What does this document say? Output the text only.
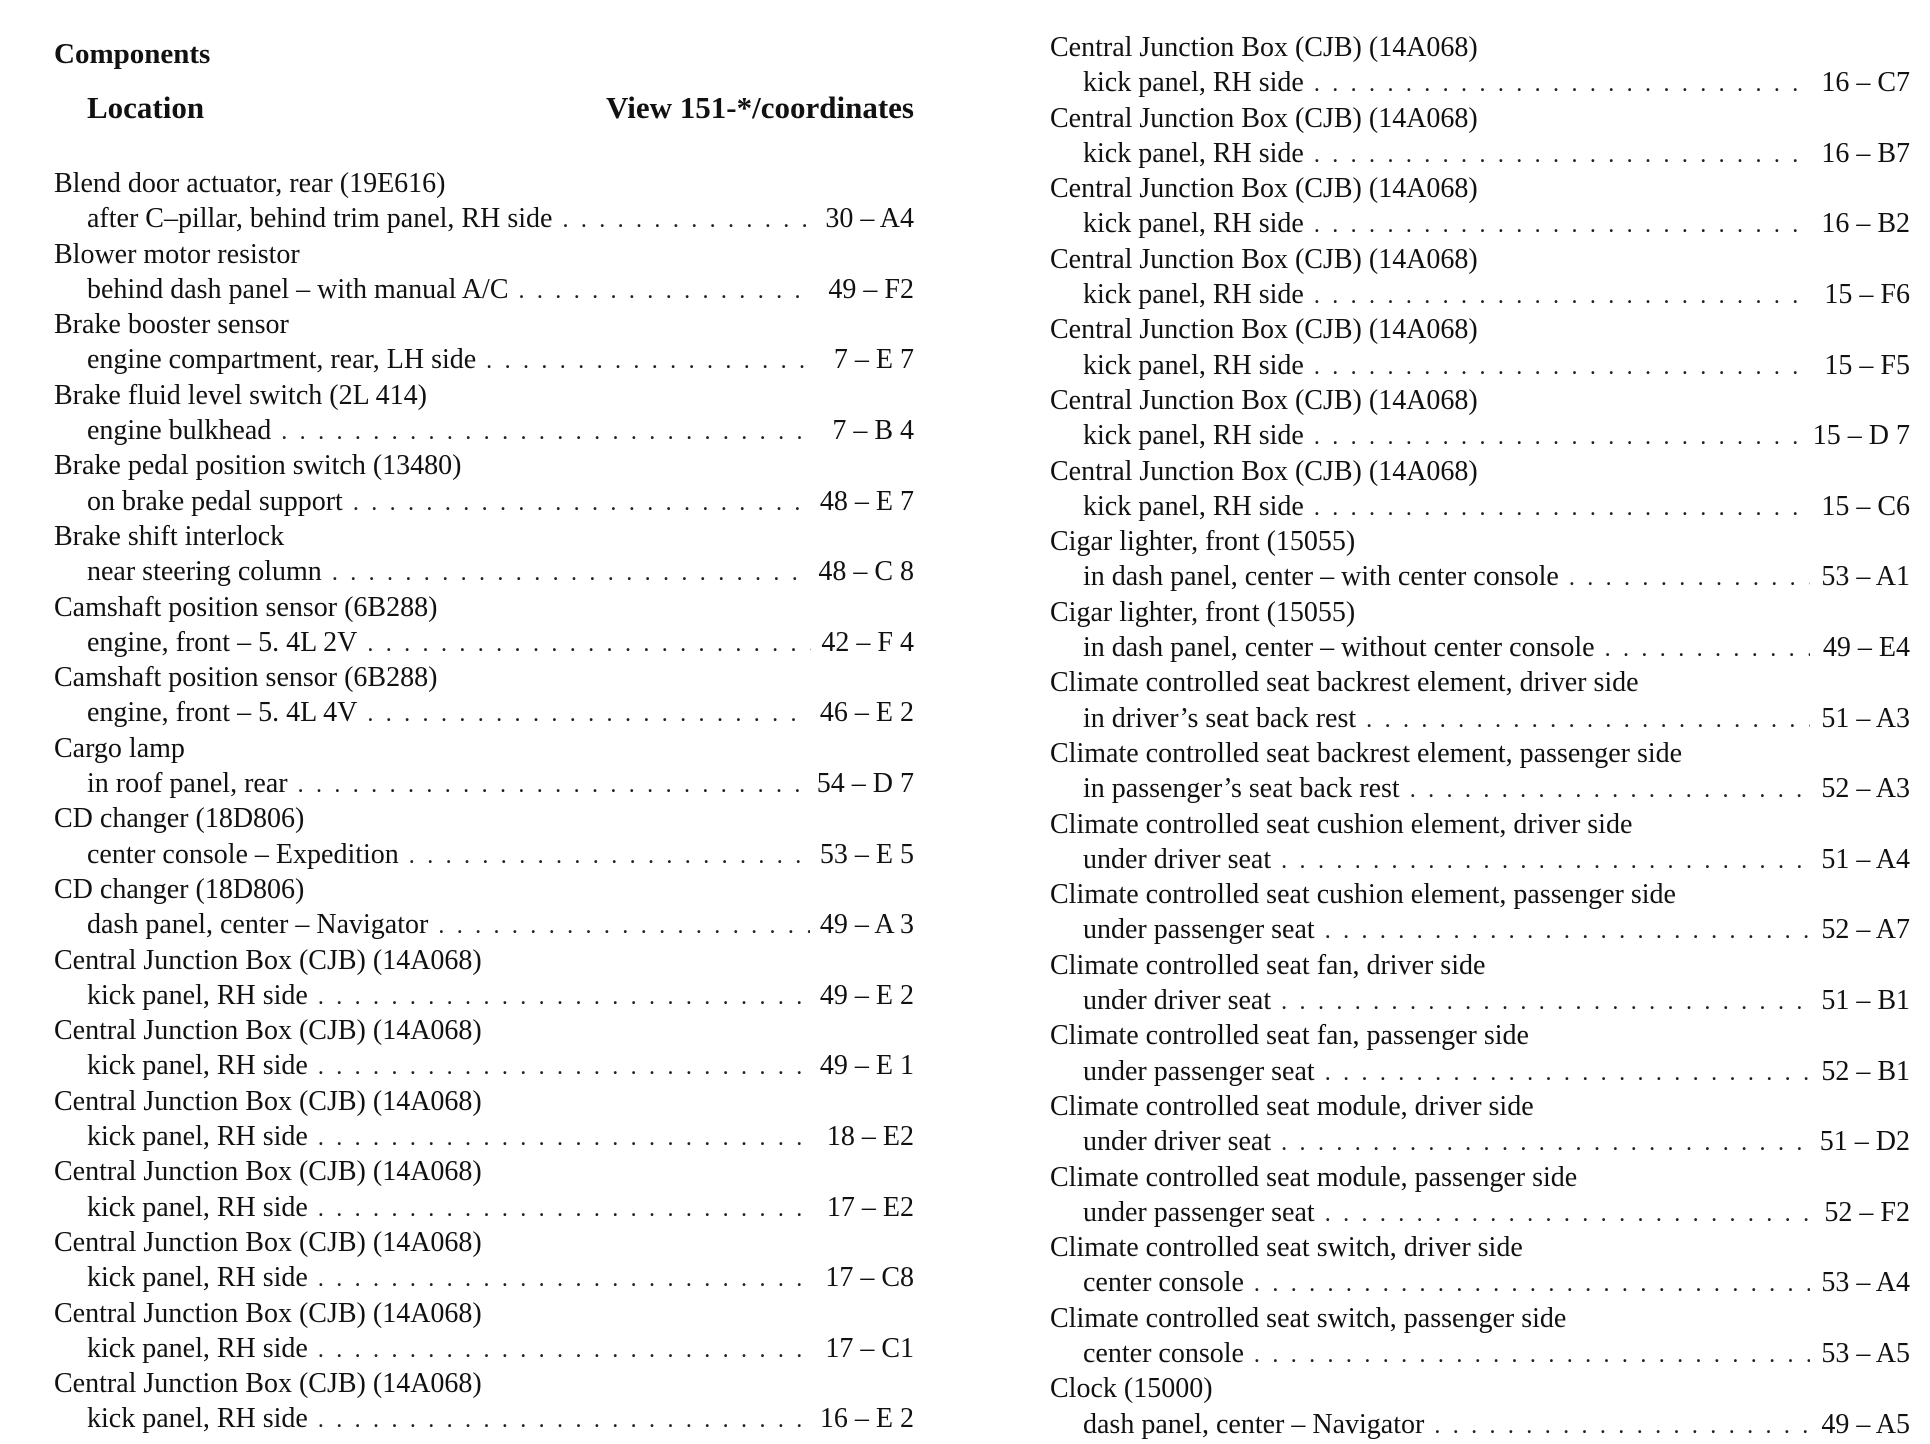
Components
Location	View 151-*/coordinates
Blend door actuator, rear (19E616)
after C–pillar, behind trim panel, RH side . . .	30 – A4
Blower motor resistor
behind dash panel – with manual A/C . . .	49 – F2
Brake booster sensor
engine compartment, rear, LH side . . .	7 – E 7
Brake fluid level switch (2L 414)
engine bulkhead . . .	7 – B 4
Brake pedal position switch (13480)
on brake pedal support . . .	48 – E 7
Brake shift interlock
near steering column . . .	48 – C 8
Camshaft position sensor (6B288)
engine, front – 5. 4L 2V . . .	42 – F 4
Camshaft position sensor (6B288)
engine, front – 5. 4L 4V . . .	46 – E 2
Cargo lamp
in roof panel, rear . . .	54 – D 7
CD changer (18D806)
center console – Expedition . . .	53 – E 5
CD changer (18D806)
dash panel, center – Navigator . . .	49 – A 3
Central Junction Box (CJB) (14A068)
kick panel, RH side . . .	49 – E 2
Central Junction Box (CJB) (14A068)
kick panel, RH side . . .	49 – E 1
Central Junction Box (CJB) (14A068)
kick panel, RH side . . .	18 – E2
Central Junction Box (CJB) (14A068)
kick panel, RH side . . .	17 – E2
Central Junction Box (CJB) (14A068)
kick panel, RH side . . .	17 – C8
Central Junction Box (CJB) (14A068)
kick panel, RH side . . .	17 – C1
Central Junction Box (CJB) (14A068)
kick panel, RH side . . .	16 – E 2
Central Junction Box (CJB) (14A068)
kick panel, RH side . . .	16 – C7
Central Junction Box (CJB) (14A068)
kick panel, RH side . . .	16 – B7
Central Junction Box (CJB) (14A068)
kick panel, RH side . . .	16 – B2
Central Junction Box (CJB) (14A068)
kick panel, RH side . . .	15 – F6
Central Junction Box (CJB) (14A068)
kick panel, RH side . . .	15 – F5
Central Junction Box (CJB) (14A068)
kick panel, RH side . . .	15 – D 7
Central Junction Box (CJB) (14A068)
kick panel, RH side . . .	15 – C6
Cigar lighter, front (15055)
in dash panel, center – with center console . . .	53 – A1
Cigar lighter, front (15055)
in dash panel, center – without center console . . .	49 – E4
Climate controlled seat backrest element, driver side
in driver’s seat back rest . . .	51 – A3
Climate controlled seat backrest element, passenger side
in passenger’s seat back rest . . .	52 – A3
Climate controlled seat cushion element, driver side
under driver seat . . .	51 – A4
Climate controlled seat cushion element, passenger side
under passenger seat . . .	52 – A7
Climate controlled seat fan, driver side
under driver seat . . .	51 – B1
Climate controlled seat fan, passenger side
under passenger seat . . .	52 – B1
Climate controlled seat module, driver side
under driver seat . . .	51 – D2
Climate controlled seat module, passenger side
under passenger seat . . .	52 – F2
Climate controlled seat switch, driver side
center console . . .	53 – A4
Climate controlled seat switch, passenger side
center console . . .	53 – A5
Clock (15000)
dash panel, center – Navigator . . .	49 – A5
